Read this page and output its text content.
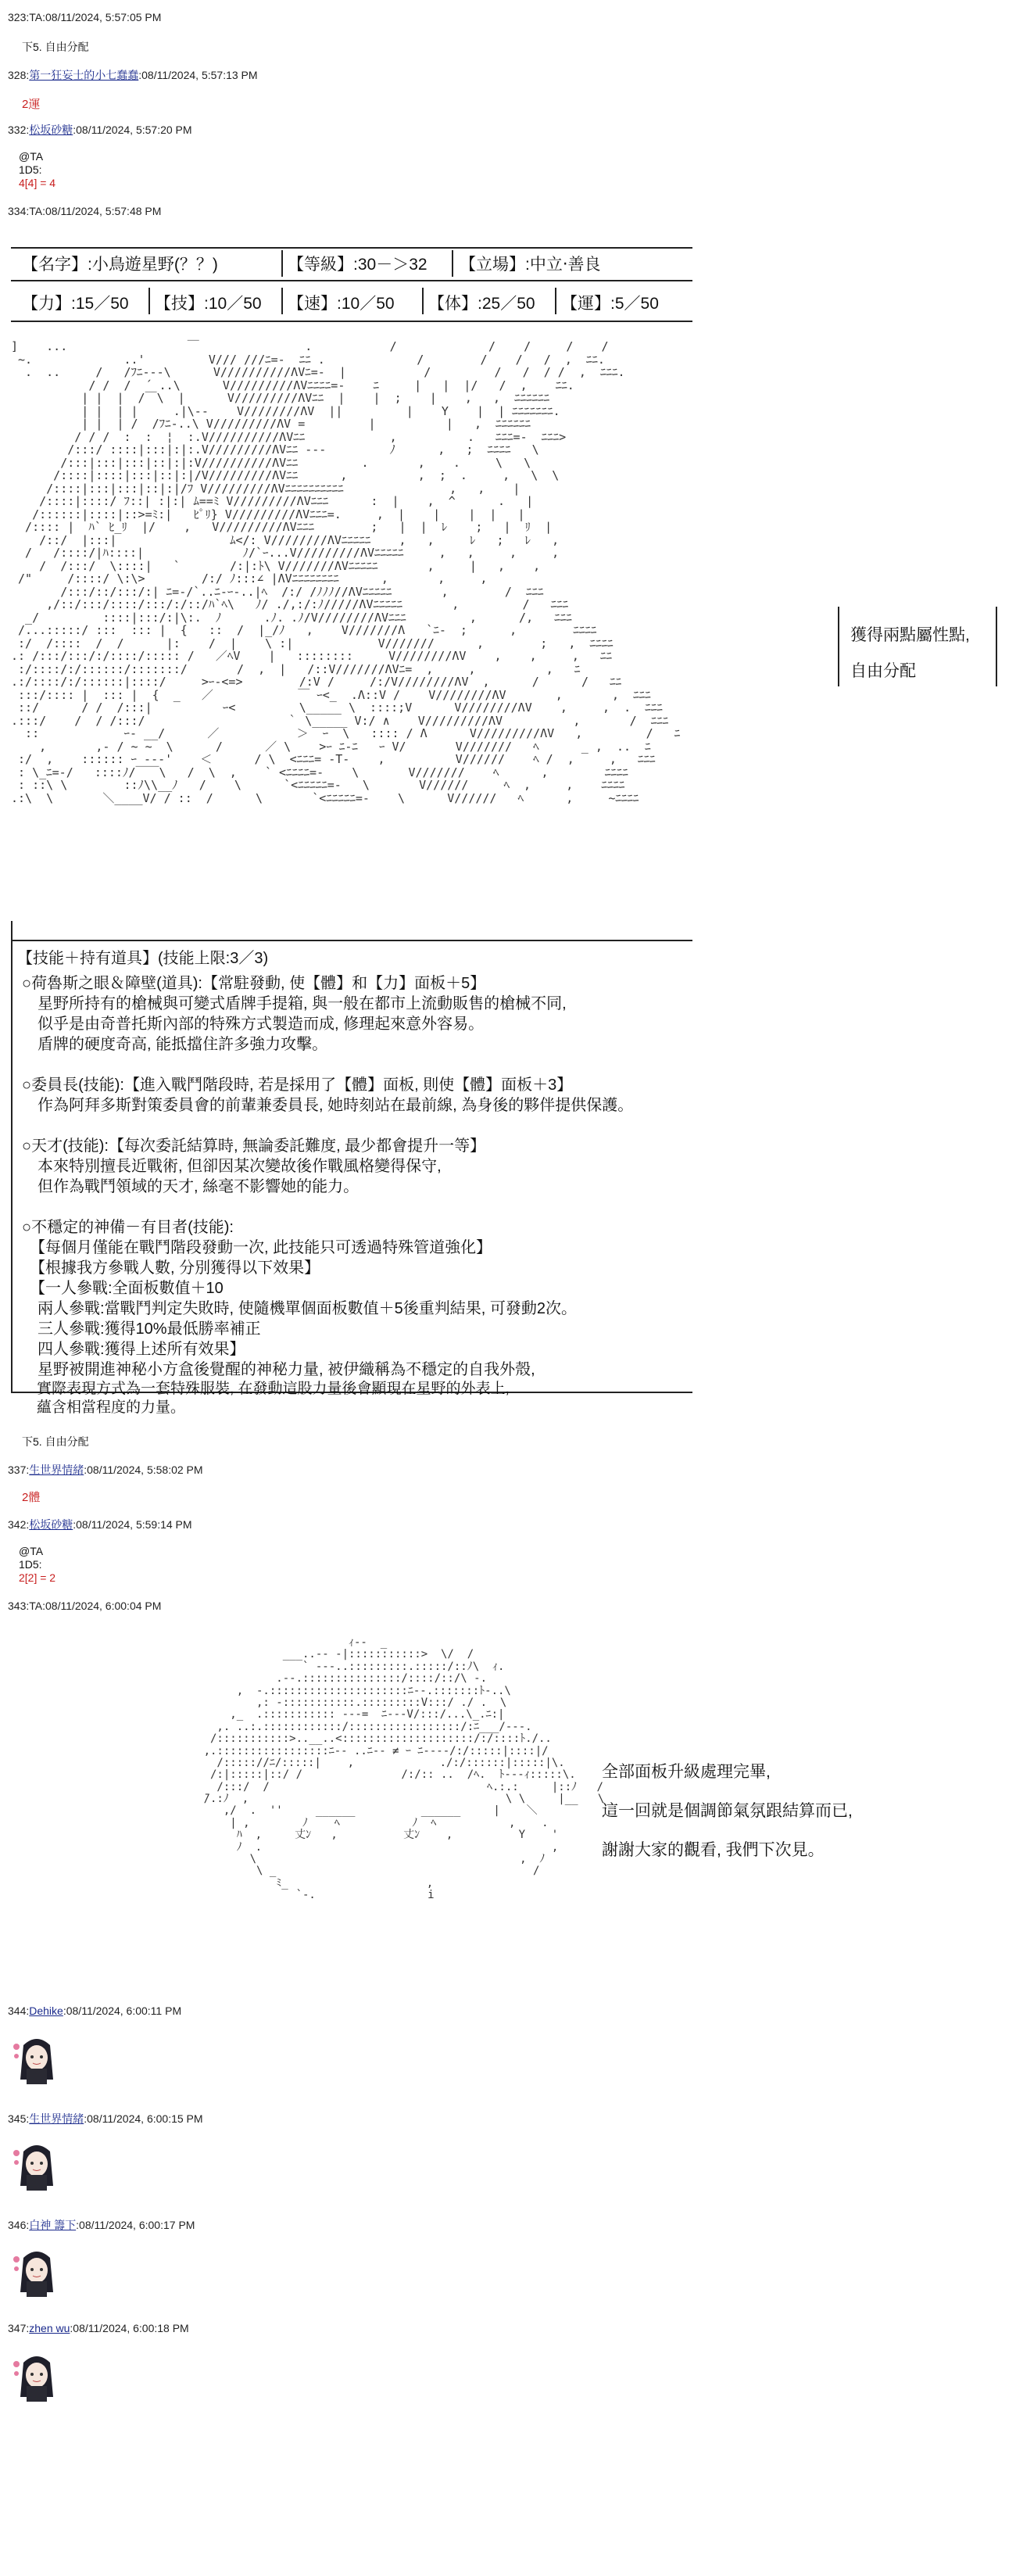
323:TA:08/11/2024, 5:57:05 PM
下5. 自由分配
328:第一狂妄士的小七蠢蠢:08/11/2024, 5:57:13 PM
2運
332:松坂砂糖:08/11/2024, 5:57:20 PM
@TA
1D5:
4[4] = 4
334:TA:08/11/2024, 5:57:48 PM
【名字】:小鳥遊星野(？？)	【等級】:30－＞32 【立場】:中立‧善良
【力】:15／50 【技】:10／50 【速】:10／50 【体】:25／50 【運】:5／50
]    ...                 ￣               .           /             /    /     /    /
~.             ..'         V/// ///ﾆ=-  ﾆﾆ .             /        /    /   /  ,  ﾆﾆ.
.  ..     /   /ﾌﾆ---\      V//////////ΛVﾆ=-  |           /         /   /  / /  ,  ﾆﾆﾆ.
/ /  /  ´ ..\      V/////////ΛVﾆﾆﾆﾆ=-    ﾆ     |   |  |/   /  ,    ﾆﾆ.
| |  |  /￣\  |      V/////////ΛVﾆﾆ  |    |  ;    |    ,   ,  ﾆﾆﾆﾆﾆﾆ
| |  | |     .|\--    V////////ΛV  ||         |    Y    |  | ﾆﾆﾆﾆﾆﾆﾆ.
| |  | /  /ﾌﾆ-..\ V/////////ΛV =         |          |   ,  ﾆﾆﾆﾆﾆﾆ
/ / /  :  :  ¦  :.V//////////ΛVﾆﾆ            ,          .   ﾆﾆﾆ=-  ﾆﾆﾆ>
/:::/ ::::|:::|:|:.V/////////ΛVﾆﾆ ---         ﾉ      ,   ;  ﾆﾆﾆﾆ   \
/:::|:::|:::|::|:|:V//////////ΛVﾆﾆ         .       ,    .     \   \
/::::|::::|:::|::|:|/V/////////ΛVﾆﾆ      ,          ,  ;  .     ,   \  \
/::::|:::|:::|::|:|/ﾌ V/////////ΛVﾆﾆﾆﾆﾆﾆﾆﾆﾆﾆ               ,   ,    |
/::::|::::/ ﾌ::| :|:| ﾑ==ﾐ V/////////ΛVﾆﾆﾆ      :  |    ,  ^      .   |
/::::::|::::|::>=ﾐ:|   ﾋﾟﾘ} V/////////ΛVﾆﾆﾆ=.     ,  |    |    |  |   |
/:::: |  ﾊ` ﾋ_ﾘ  |/    ,   V/////////ΛVﾆﾆﾆ        ;   |  |  ﾚ    ;   |  ﾘ  |
/::/  |:::|                ﾑ</: V////////ΛVﾆﾆﾆﾆﾆ    ,   ,     ﾚ   ;   ﾚ   ,
/   /::::/|ﾊ::::|              ﾉ/`ｰ...V/////////ΛVﾆﾆﾆﾆﾆ     ,   ,     ,     ,
/  /:::/  \::::|   `       /:|:ﾄ\ V///////ΛVﾆﾆﾆﾆﾆ       ,     |   ,    ,
/"     /::::/ \:\>        /:/ ﾉ:::∠ |ΛVﾆﾆﾆﾆﾆﾆﾆﾆ      ,       ,     ,
/:::/::/:::/:| ﾆ=-/`..ﾆ-ｰ-..|ﾍ  /:/ /ﾉﾉﾉ//ΛVﾆﾆﾆﾆﾆ       ,        /  ﾆﾆﾆ
,/::/:::/::::/:::/:/::/ﾊ`ﾍ\   ﾉ/ ./,:/:ﾉ/////ΛVﾆﾆﾆﾆﾆ       ,         /   ﾆﾆﾆ
_/         ::::|:::/:|\:.  ﾉ      .ﾉ. .ﾉ/V////////ΛVﾆﾆﾆ         ,      /,   ﾆﾆﾆ
/...:::::/ :::  ::: |  {   ::  /  |_/ﾉ   ,    V///////Λ   `ﾆ-  ;      ,        ﾆﾆﾆﾆ
:/  /::::  /  /      |:    /  |    \ :|            V///////      ,        ;   ,  ﾆﾆﾆﾆ
.: /:::/:::/:/::::/::::: /   ／ﾍV    |   ::::::::     V////////ΛV    ,    ,     ,   ﾆﾆ
:/::::/:/::::::/:::::::/       /  ,  |   /::V///////ΛVﾆ=  ,     ,          ,   ﾆ
.:/::::/:/::::::|::::/     >ｰ-<=>        /:V /     /:/V////////ΛV  ,      /      /   ﾆﾆ
:::/:::: |  ::: |  {  _   ／            ￣ ｰ<_  .Λ::V /    V////////ΛV       ,       ,  ﾆﾆﾆ
::/      / /  /:::|          ｰ<         \_____ \  ::::;V      V////////ΛV    ,     ,  .  ﾆﾆﾆ
.:::/    /  / /:::/                    ｀ \_____ V:/ ∧    V/////////ΛV          ,       /  ﾆﾆﾆ
::            ｰ- __/      ／           ＞  ｰ  \   :::: / Λ      V/////////ΛV   ,         /   ﾆ
,       ,- / ~ ~  \      /      ／ \    >ｰ ﾆ-ﾆ   ｰ V/       V///////   ﾍ      _ ,  ..  ﾆ
:/  ,    :::::: ｰ ---'    ＜      / \  <ﾆﾆﾆ= -T-    ,          V//////    ﾍ /  ,     ,   ﾆﾆﾆ
: \_ﾆ=-/   ::::ﾉ/￣￣\   /  \  ,    ` <ﾆﾆﾆﾆ=-    \       V///////    ﾍ      ,        ﾆﾆﾆﾆ
: ::\ \        ::ﾉ\\__ﾉ   /    \      `<ﾆﾆﾆﾆﾆ=-   \       V//////     ﾍ  ,     ,    ﾆﾆﾆﾆ
.:\  \       ＼____V/ / ::  /      \       `<ﾆﾆﾆﾆﾆ=-    \      V//////   ﾍ      ,     ~ﾆﾆﾆﾆ
獲得兩點屬性點,
自由分配
【技能＋持有道具】(技能上限:3／3)
○荷魯斯之眼＆障壁(道具):【常駐發動, 使【體】和【力】面板＋5】
　星野所持有的槍械與可變式盾牌手提箱, 與一般在都市上流動販售的槍械不同,
　似乎是由奇普托斯內部的特殊方式製造而成, 修理起來意外容易。
　盾牌的硬度奇高, 能抵擋住許多強力攻擊。
○委員長(技能):【進入戰鬥階段時, 若是採用了【體】面板, 則使【體】面板＋3】
　作為阿拜多斯對策委員會的前輩兼委員長, 她時刻站在最前線, 為身後的夥伴提供保護。
○天才(技能):【每次委託結算時, 無論委託難度, 最少都會提升一等】
　本來特別擅長近戰術, 但卻因某次變故後作戰風格變得保守,
　但作為戰鬥領域的天才, 絲毫不影響她的能力。
○不穩定的神備－有目者(技能):
　【每個月僅能在戰鬥階段發動一次, 此技能只可透過特殊管道強化】
　【根據我方參戰人數, 分別獲得以下效果】
　【一人參戰:全面板數值＋10
　兩人參戰:當戰鬥判定失敗時, 使隨機單個面板數值＋5後重判結果, 可發動2次。
　三人參戰:獲得10%最低勝率補正
　四人參戰:獲得上述所有效果】
　星野被開進神秘小方盒後覺醒的神秘力量, 被伊織稱為不穩定的自我外殼,
　實際表現方式為一套特殊服裝, 在發動這股力量後會顯現在星野的外表上,
　蘊含相當程度的力量。
下5. 自由分配
337:生世界情緒:08/11/2024, 5:58:02 PM
2體
342:松坂砂糖:08/11/2024, 5:59:14 PM
@TA
1D5:
2[2] = 2
343:TA:08/11/2024, 6:00:04 PM
ｨ--  _
___..-- -|:::::::::::>  \/  /
` ---..:::::::::.:::::/::ﾉ\  ｨ.
.--.:::::::::::::::/::::/::/\ -.
,  -.:::::::::::::::::::::ﾆ--.:::::::ﾄ-..\
,: -:::::::::::.:::::::::V:::/ ./ .  \
,_  .::::::::::: ---=  ﾆ---V/:::/...\_.ﾆ:|
,. ..:.::::::::::::/:::::::::::::::::/:ﾆ___/---.
/:::::::::::>..__..<::::::::::::::::::::/:/::::ﾄ./..
,.:::::::::::::::::ﾆ-- ..ﾆ-- ≠ ｰ ﾆ----/:/:::::|::::|/
/::::://ﾆ/:::::|    ,             ./:/::::::|:::::|\.
/:|:::::|::/ /               /:/:: ..  /ﾍ.  ﾄ---ｨ:::::\.
/:::/  /                                 ﾍ.:.:     |::ﾉ   /
̄/.:ﾉ  ,                                       \ \     |__   \
,/  .  ''     ______          ______     |    ＼
| ,        ﾉ    ﾍ           ﾉ  ﾍ           ,    .
ﾊ  ,     丈ﾝ   ,          丈ﾝ    ,          Y    '
ﾉ  .                                            ,
\                                        ,  ﾉ
\ _                                       /
ﾐ_                     ,
`-.                 i
全部面板升級處理完畢,
這一回就是個調節氣氛跟結算而已,
謝謝大家的觀看, 我們下次見。
344:Dehike:08/11/2024, 6:00:11 PM
345:生世界情緒:08/11/2024, 6:00:15 PM
346:白神 籌下:08/11/2024, 6:00:17 PM
347:zhen wu:08/11/2024, 6:00:18 PM
